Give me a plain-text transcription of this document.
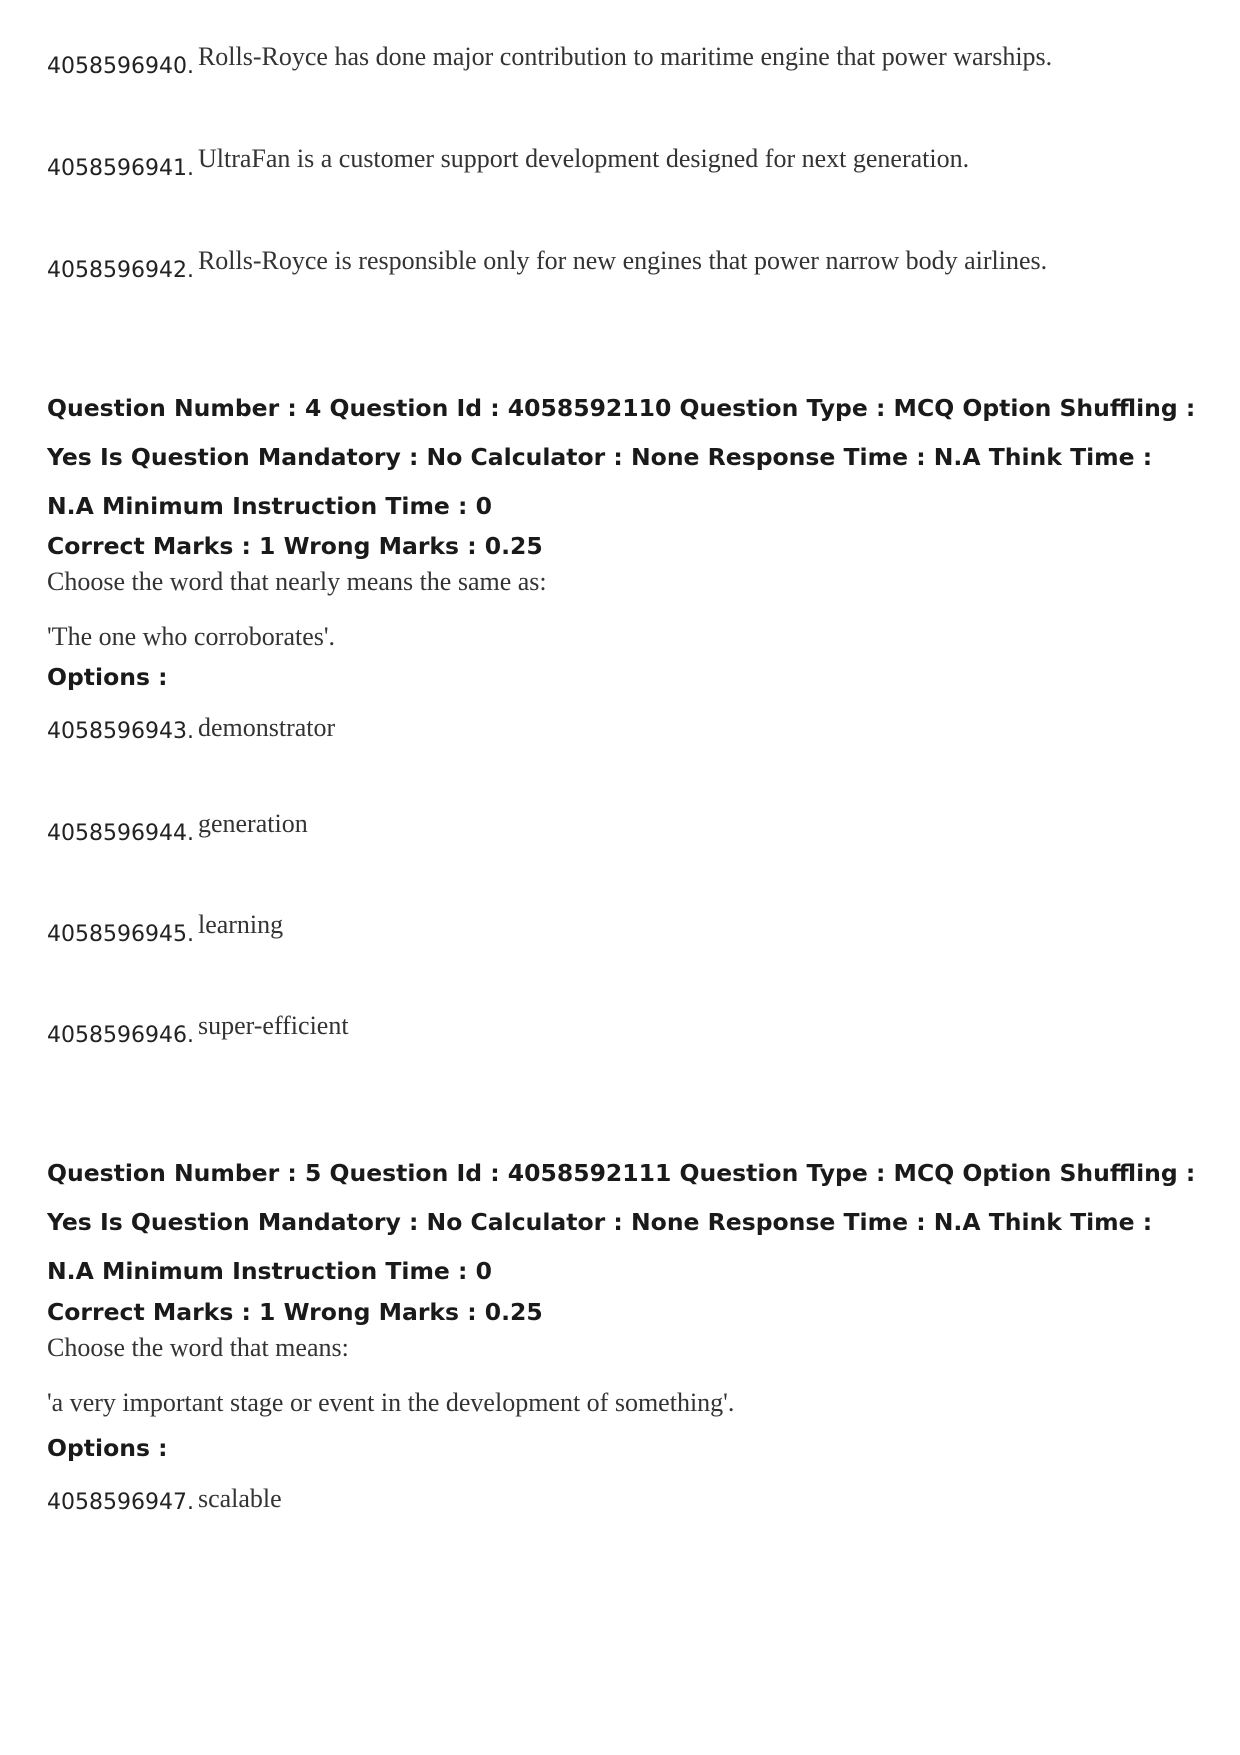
4058596940. Rolls-Royce has done major contribution to maritime engine that power warships.
4058596941. UltraFan is a customer support development designed for next generation.
4058596942. Rolls-Royce is responsible only for new engines that power narrow body airlines.
Question Number : 4 Question Id : 4058592110 Question Type : MCQ Option Shuffling : Yes Is Question Mandatory : No Calculator : None Response Time : N.A Think Time : N.A Minimum Instruction Time : 0
Correct Marks : 1 Wrong Marks : 0.25
Choose the word that nearly means the same as:
'The one who corroborates'.
Options :
4058596943. demonstrator
4058596944. generation
4058596945. learning
4058596946. super-efficient
Question Number : 5 Question Id : 4058592111 Question Type : MCQ Option Shuffling : Yes Is Question Mandatory : No Calculator : None Response Time : N.A Think Time : N.A Minimum Instruction Time : 0
Correct Marks : 1 Wrong Marks : 0.25
Choose the word that means:
'a very important stage or event in the development of something'.
Options :
4058596947. scalable
